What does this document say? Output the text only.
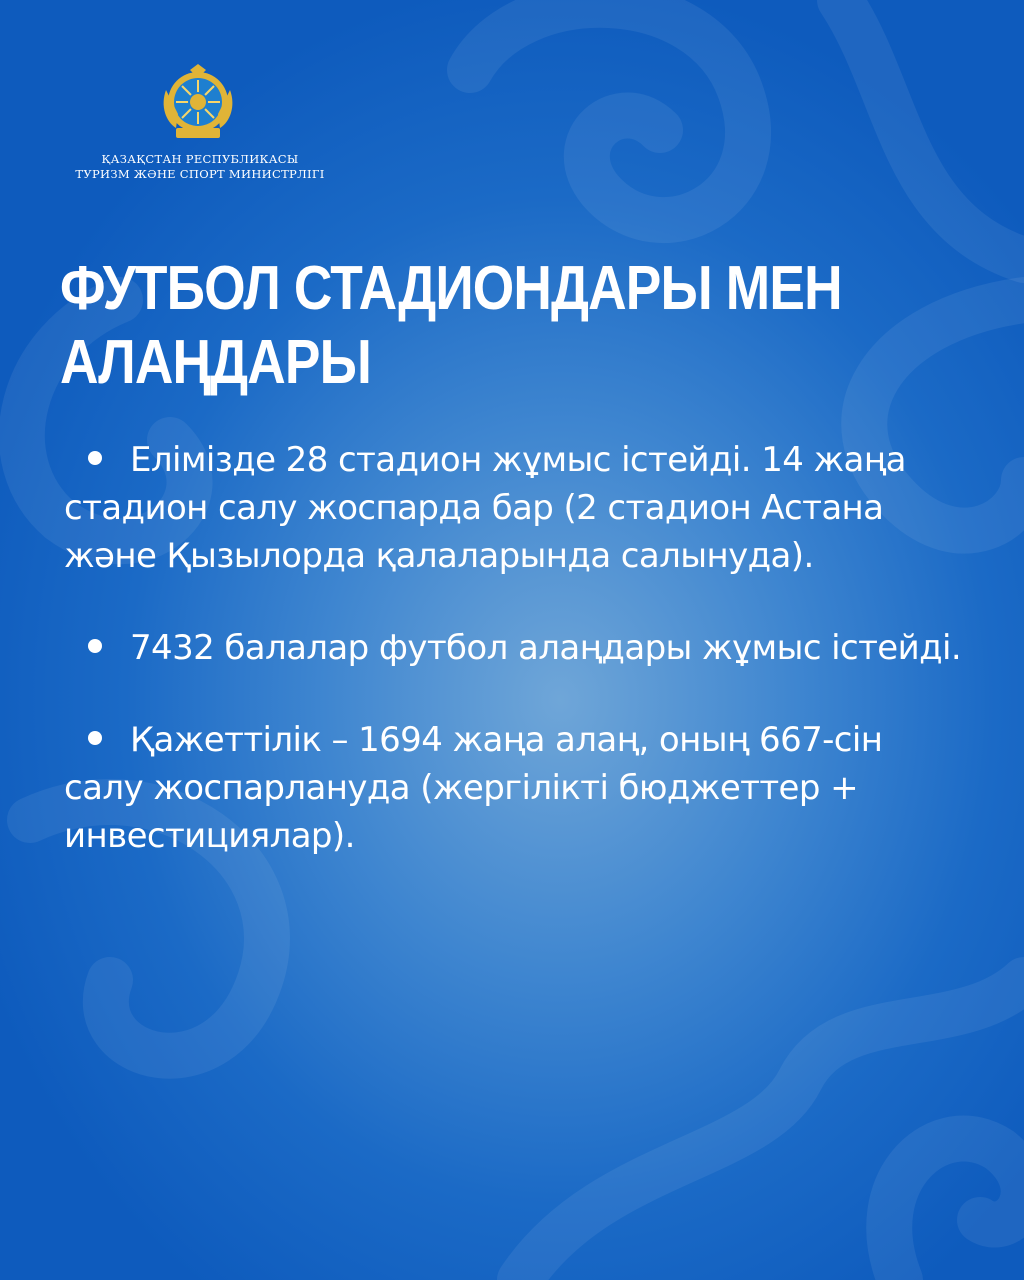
ҚАЗАҚСТАН РЕСПУБЛИКАСЫ
ТУРИЗМ ЖӘНЕ СПОРТ МИНИСТРЛІГІ
ФУТБОЛ СТАДИОНДАРЫ МЕН
АЛАҢДАРЫ
Елімізде 28 стадион жұмыс істейді. 14 жаңа стадион салу жоспарда бар (2 стадион Астана және Қызылорда қалаларында салынуда).
7432 балалар футбол алаңдары жұмыс істейді.
Қажеттілік – 1694 жаңа алаң, оның 667-сін салу жоспарлануда (жергілікті бюджеттер + инвестициялар).
